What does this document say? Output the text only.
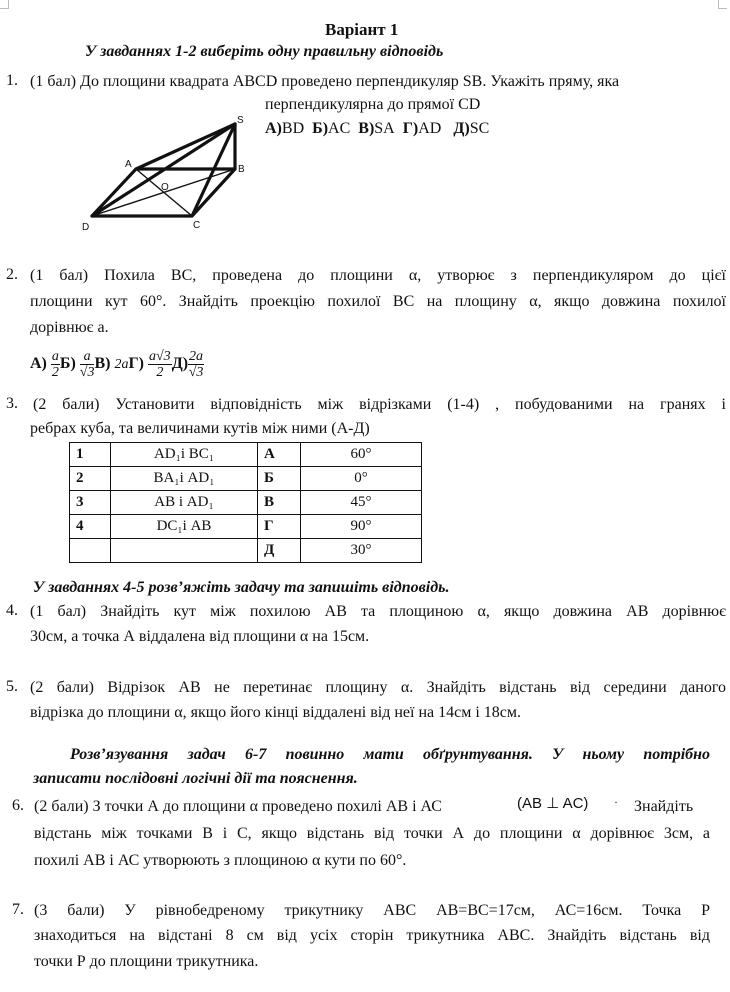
Варіант 1
У завданнях 1-2 виберіть одну правильну відповідь
1. (1 бал) До площини квадрата ABCD проведено перпендикуляр SB. Укажіть пряму, яка
перпендикулярна до прямої CD
А)BD Б)AC В)SA Г)AD Д)SC
S
A	B
O
D	C
2. (1 бал) Похила ВС, проведена до площини α, утворює з перпендикуляром до цієї
площини кут 60°. Знайдіть проекцію похилої ВС на площину α, якщо довжина похилої
дорівнює а.
$А) \frac{a}{2} Б) \frac{a}{√3} В$) $2aГ) \frac{a√3}{2} Д) \frac{2a}{√3}$
3. (2 бали) Установити відповідність між відрізками (1-4) , побудованими на гранях і
ребрах куба, та величинами кутів між ними (А-Д)
1	AD₁і BC₁	А	60°
2	BA₁і AD₁	Б	0°
3	AB і AD₁	В	45°
4	DC₁і AB	Г	90°
		Д	30°
У завданнях 4-5 розв’яжіть задачу та запишіть відповідь.
4. (1 бал) Знайдіть кут між похилою АВ та площиною α, якщо довжина АВ дорівнює
30см, а точка А віддалена від площини α на 15см.
5. (2 бали) Відрізок АВ не перетинає площину α. Знайдіть відстань від середини даного
відрізка до площини α, якщо його кінці віддалені від неї на 14см і 18см.
Розв’язування задач 6-7 повинно мати обґрунтування. У ньому потрібно
записати послідовні логічні дії та пояснення.
6. (2 бали) З точки А до площини α проведено похилі АВ і АС	(AB ⊥ AC) · Знайдіть
відстань між точками В і С, якщо відстань від точки А до площини α дорівнює 3см, а
похилі АВ і АС утворюють з площиною α кути по 60°.
7. (3 бали) У рівнобедреному трикутнику АВС АВ=ВС=17см, АС=16см. Точка Р
знаходиться на відстані 8 см від усіх сторін трикутника АВС. Знайдіть відстань від
точки Р до площини трикутника.
